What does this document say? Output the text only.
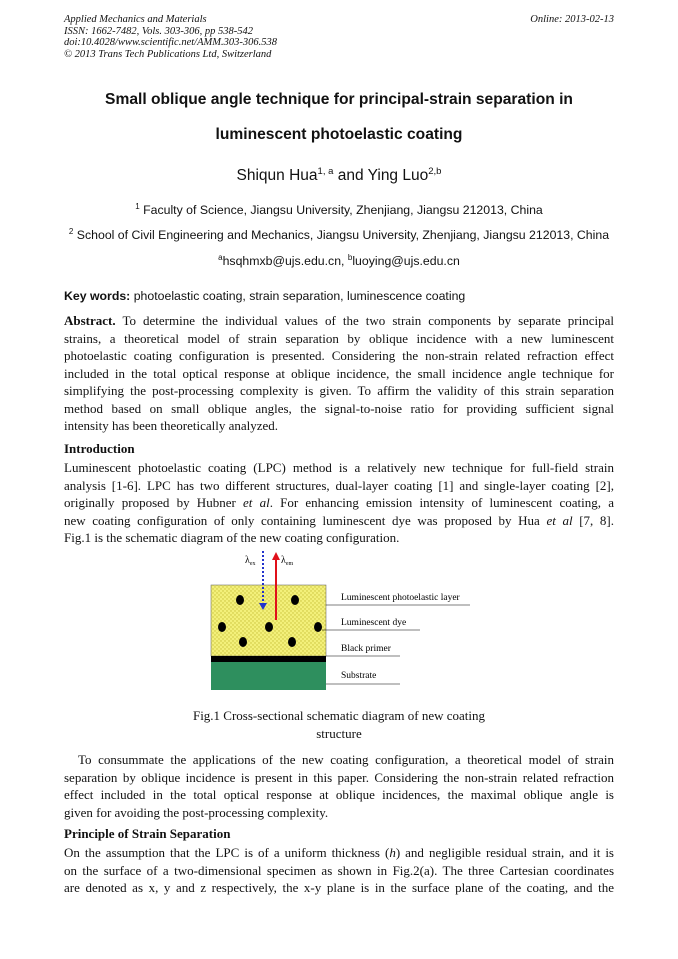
Applied Mechanics and Materials
ISSN: 1662-7482, Vols. 303-306, pp 538-542
doi:10.4028/www.scientific.net/AMM.303-306.538
© 2013 Trans Tech Publications Ltd, Switzerland
Online: 2013-02-13
Small oblique angle technique for principal-strain separation in
luminescent photoelastic coating
Shiqun Hua$^{1, a}$ and Ying Luo$^{2,b}$
$^1$ Faculty of Science, Jiangsu University, Zhenjiang, Jiangsu 212013, China
$^2$ School of Civil Engineering and Mechanics, Jiangsu University, Zhenjiang, Jiangsu 212013, China
$^a$hsqhmxb@ujs.edu.cn, $^b$luoying@ujs.edu.cn
Key words: photoelastic coating, strain separation, luminescence coating
Abstract. To determine the individual values of the two strain components by separate principal
strains, a theoretical model of strain separation by oblique incidence with a new luminescent
photoelastic coating configuration is presented. Considering the non-strain related refraction effect
included in the total optical response at oblique incidence, the small incidence angle technique for
simplifying the post-processing complexity is given. To affirm the validity of this strain separation
method based on small oblique angles, the signal-to-noise ratio for providing sufficient signal
intensity has been theoretically analyzed.
Introduction
Luminescent photoelastic coating (LPC) method is a relatively new technique for full-field strain
analysis [1-6]. LPC has two different structures, dual-layer coating [1] and single-layer coating [2],
originally proposed by Hubner et al. For enhancing emission intensity of luminescent coating, a
new coating configuration of only containing luminescent dye was proposed by Hua et al [7, 8].
Fig.1 is the schematic diagram of the new coating configuration.
$\lambda_{ex}$	$\lambda_{em}$
Luminescent photoelastic layer
Luminescent dye
Black primer
Substrate
Fig.1 Cross-sectional schematic diagram of new coating
structure
To consummate the applications of the new coating configuration, a theoretical model of strain
separation by oblique incidence is present in this paper. Considering the non-strain related refraction
effect included in the total optical response at oblique incidences, the maximal oblique angle is
given for avoiding the post-processing complexity.
Principle of Strain Separation
On the assumption that the LPC is of a uniform thickness (h) and negligible residual strain, and it is
on the surface of a two-dimensional specimen as shown in Fig.2(a). The three Cartesian coordinates
are denoted as x, y and z respectively, the x-y plane is in the surface plane of the coating, and the
